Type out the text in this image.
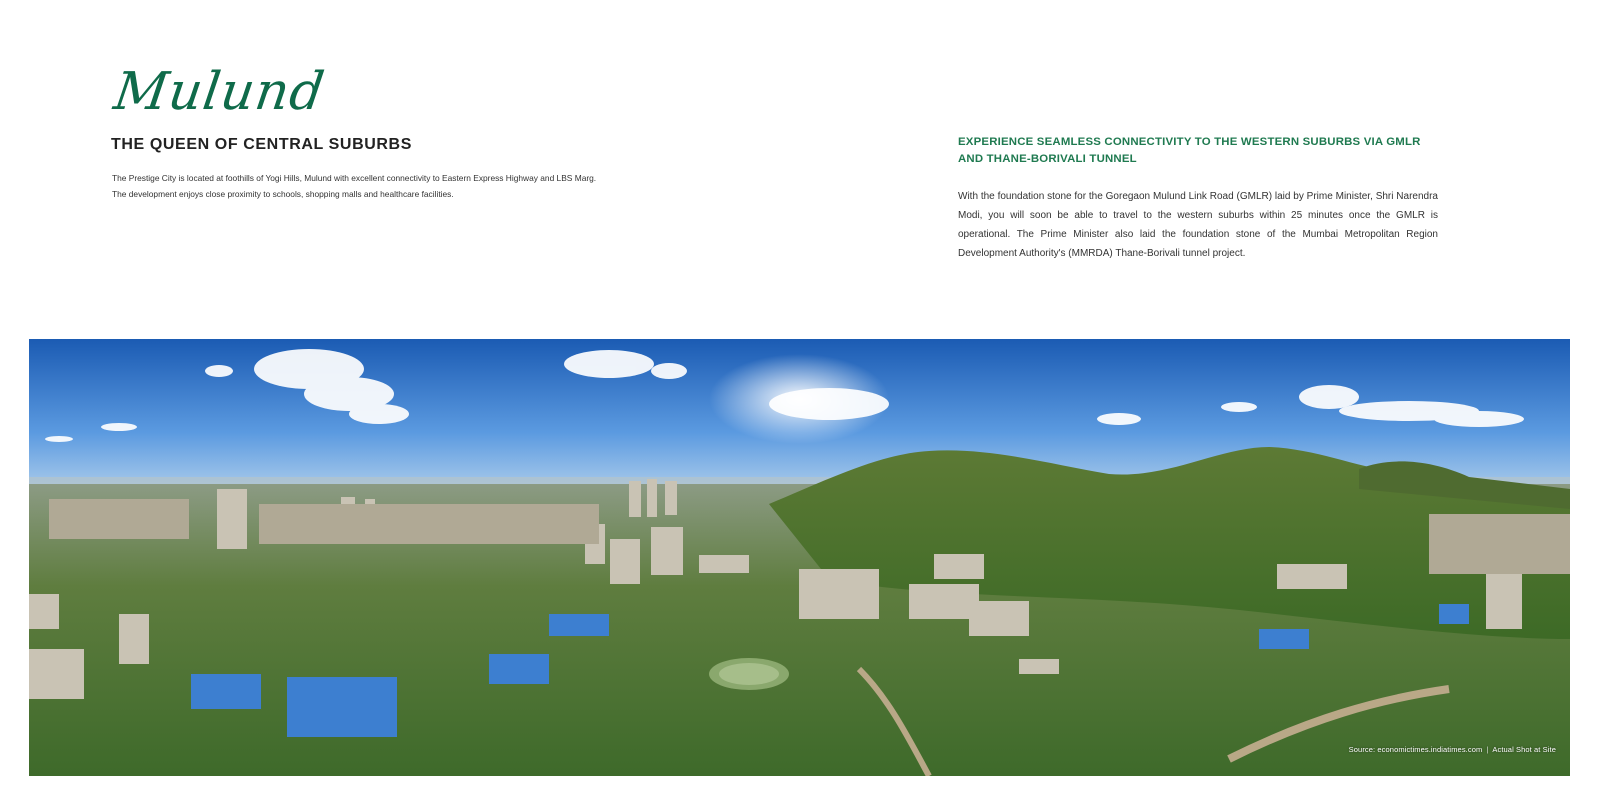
Mulund
THE QUEEN OF CENTRAL SUBURBS

The Prestige City is located at foothills of Yogi Hills, Mulund with excellent connectivity to Eastern Express Highway and LBS Marg.
The development enjoys close proximity to schools, shopping malls and healthcare facilities.

EXPERIENCE SEAMLESS CONNECTIVITY TO THE WESTERN SUBURBS VIA GMLR AND THANE-BORIVALI TUNNEL

With the foundation stone for the Goregaon Mulund Link Road (GMLR) laid by Prime Minister, Shri Narendra Modi, you will soon be able to travel to the western suburbs within 25 minutes once the GMLR is operational. The Prime Minister also laid the foundation stone of the Mumbai Metropolitan Region Development Authority's (MMRDA) Thane-Borivali tunnel project.

Source: economictimes.indiatimes.com | Actual Shot at Site
